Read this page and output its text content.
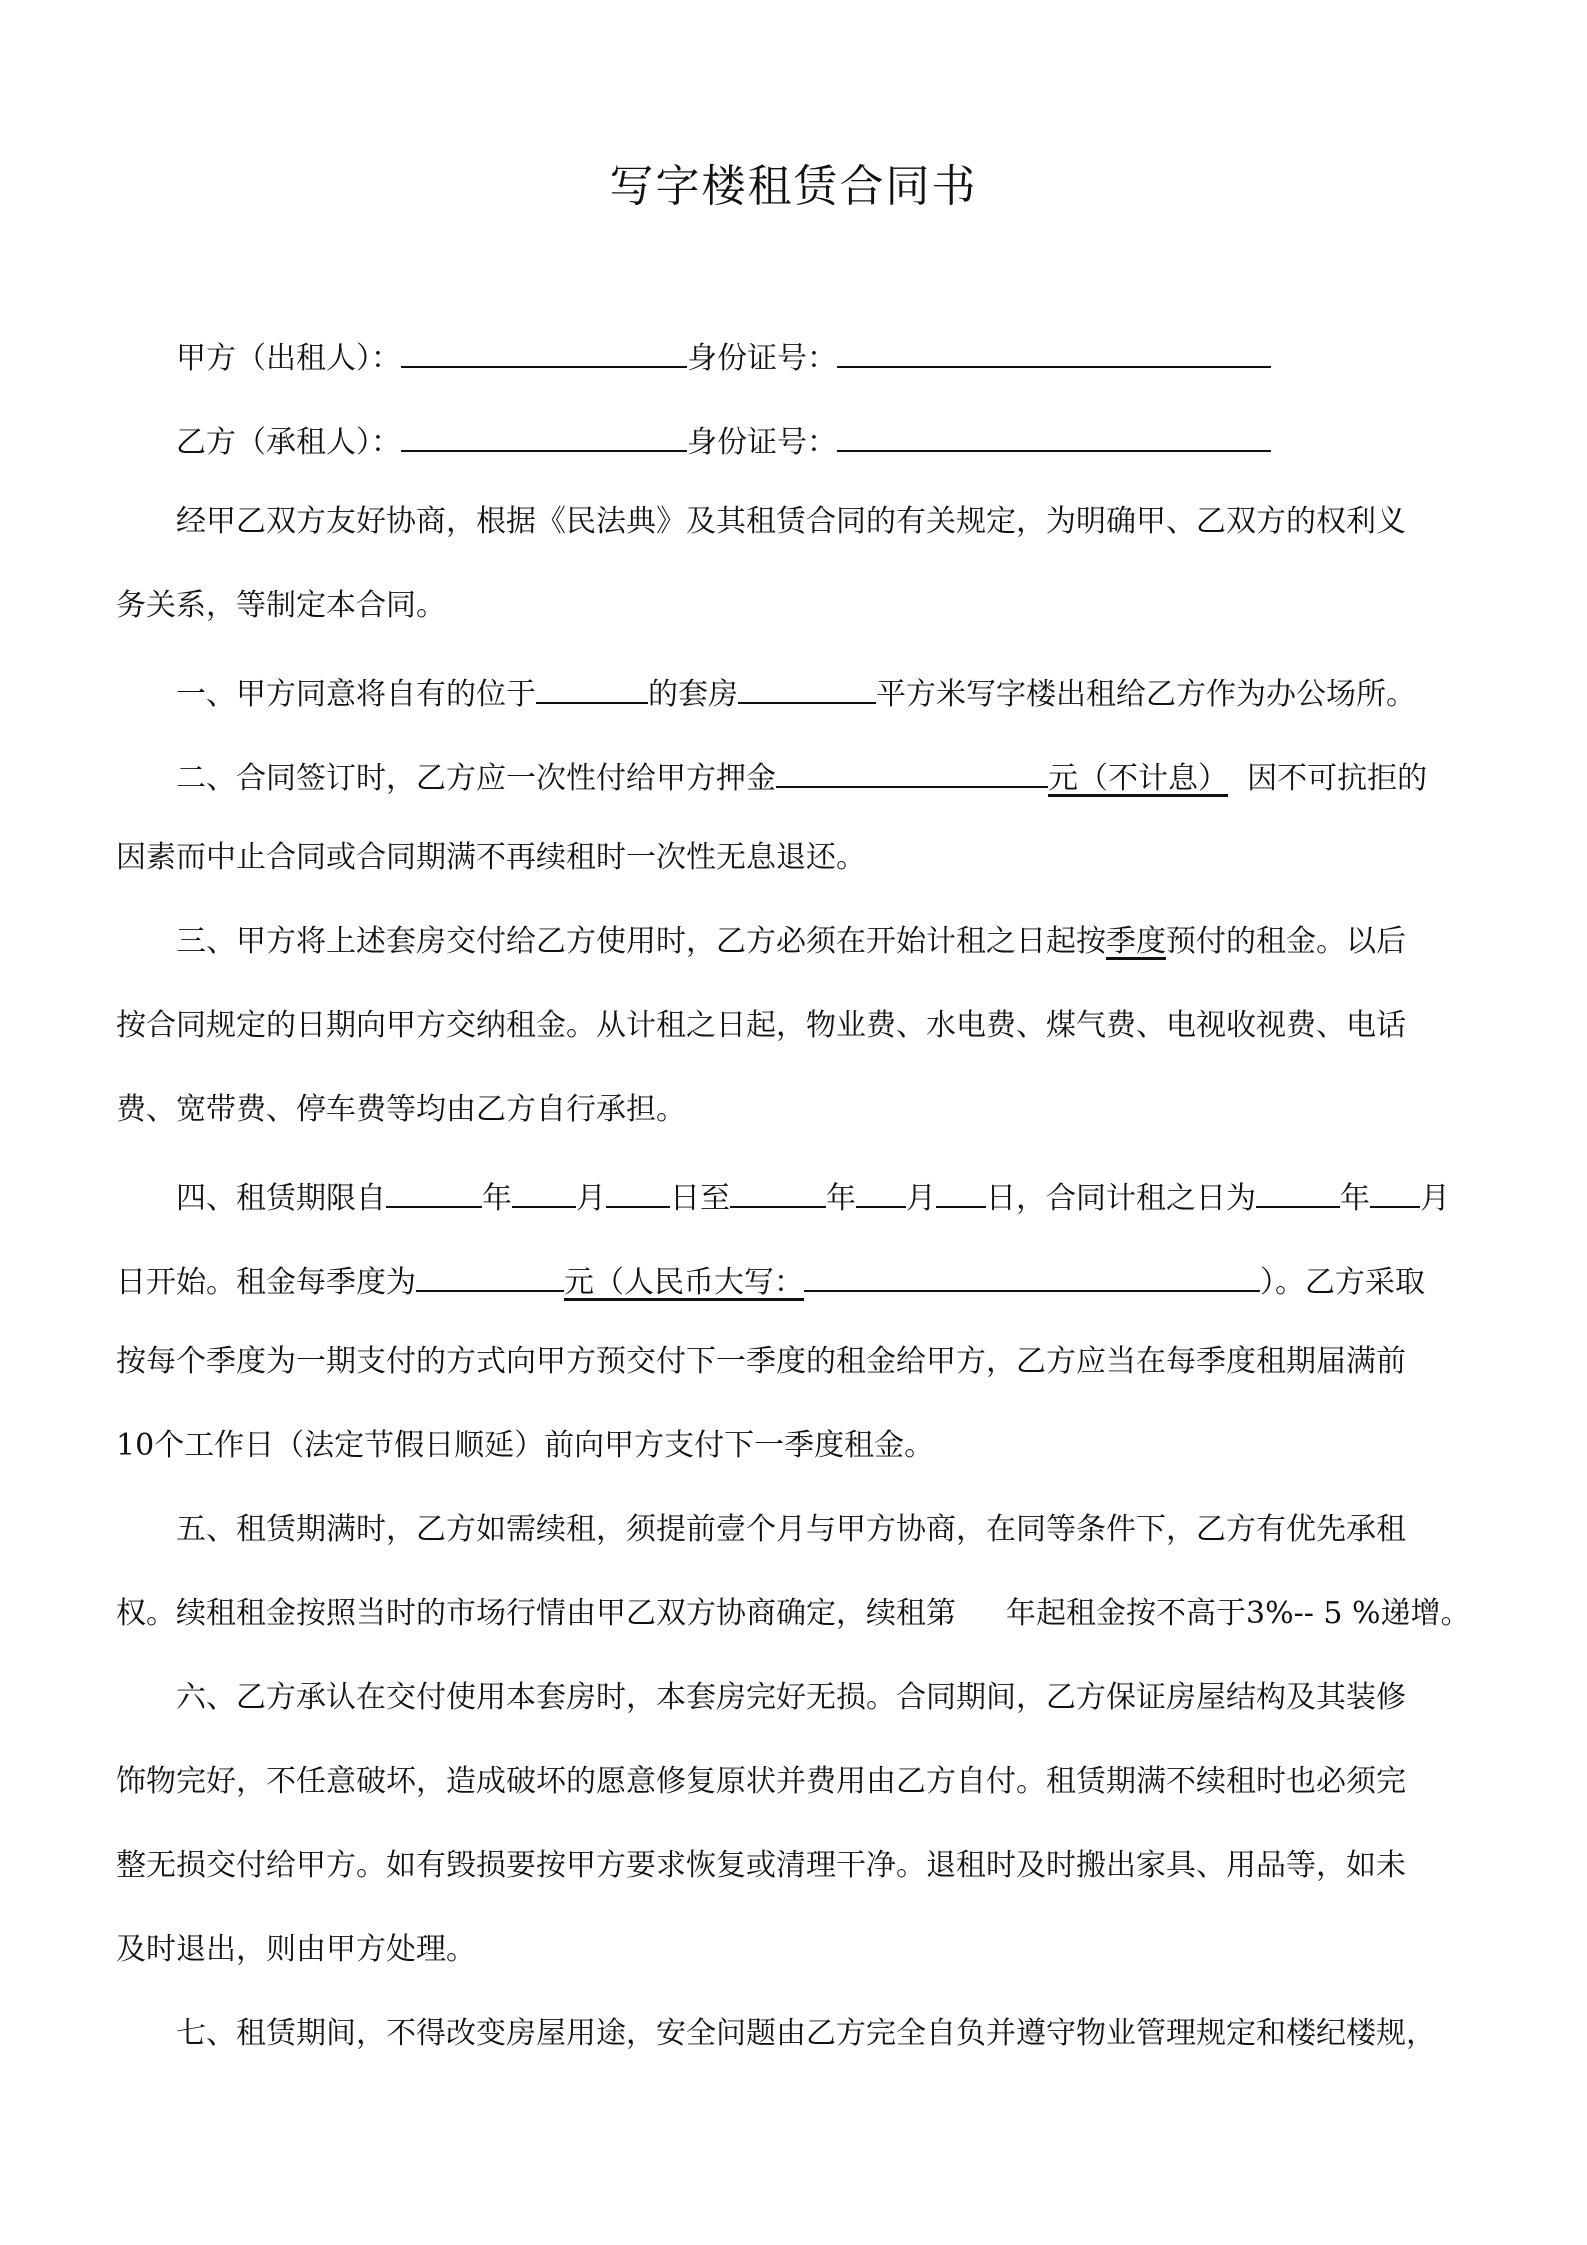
写字楼租赁合同书
甲方（出租人）：	身份证号：
乙方（承租人）：	身份证号：
经甲乙双方友好协商，根据《民法典》及其租赁合同的有关规定，为明确甲、乙双方的权利义
务关系，等制定本合同。
一、甲方同意将自有的位于	的套房	平方米写字楼出租给乙方作为办公场所。
二、合同签订时，乙方应一次性付给甲方押金	元（不计息）  因不可抗拒的
因素而中止合同或合同期满不再续租时一次性无息退还。
三、甲方将上述套房交付给乙方使用时，乙方必须在开始计租之日起按季度预付的租金。以后
按合同规定的日期向甲方交纳租金。从计租之日起，物业费、水电费、煤气费、电视收视费、电话
费、宽带费、停车费等均由乙方自行承担。
四、租赁期限自	年 月 日至	年 月 日，合同计租之日为	年 月
日开始。租金每季度为	元（人民币大写：	）。乙方采取
按每个季度为一期支付的方式向甲方预交付下一季度的租金给甲方，乙方应当在每季度租期届满前
10个工作日（法定节假日顺延）前向甲方支付下一季度租金。
五、租赁期满时，乙方如需续租，须提前壹个月与甲方协商，在同等条件下，乙方有优先承租
权。续租租金按照当时的市场行情由甲乙双方协商确定，续租第 年起租金按不高于3%-- 5 %递增。
六、乙方承认在交付使用本套房时，本套房完好无损。合同期间，乙方保证房屋结构及其装修
饰物完好，不任意破坏，造成破坏的愿意修复原状并费用由乙方自付。租赁期满不续租时也必须完
整无损交付给甲方。如有毁损要按甲方要求恢复或清理干净。退租时及时搬出家具、用品等，如未
及时退出，则由甲方处理。
七、租赁期间，不得改变房屋用途，安全问题由乙方完全自负并遵守物业管理规定和楼纪楼规，
